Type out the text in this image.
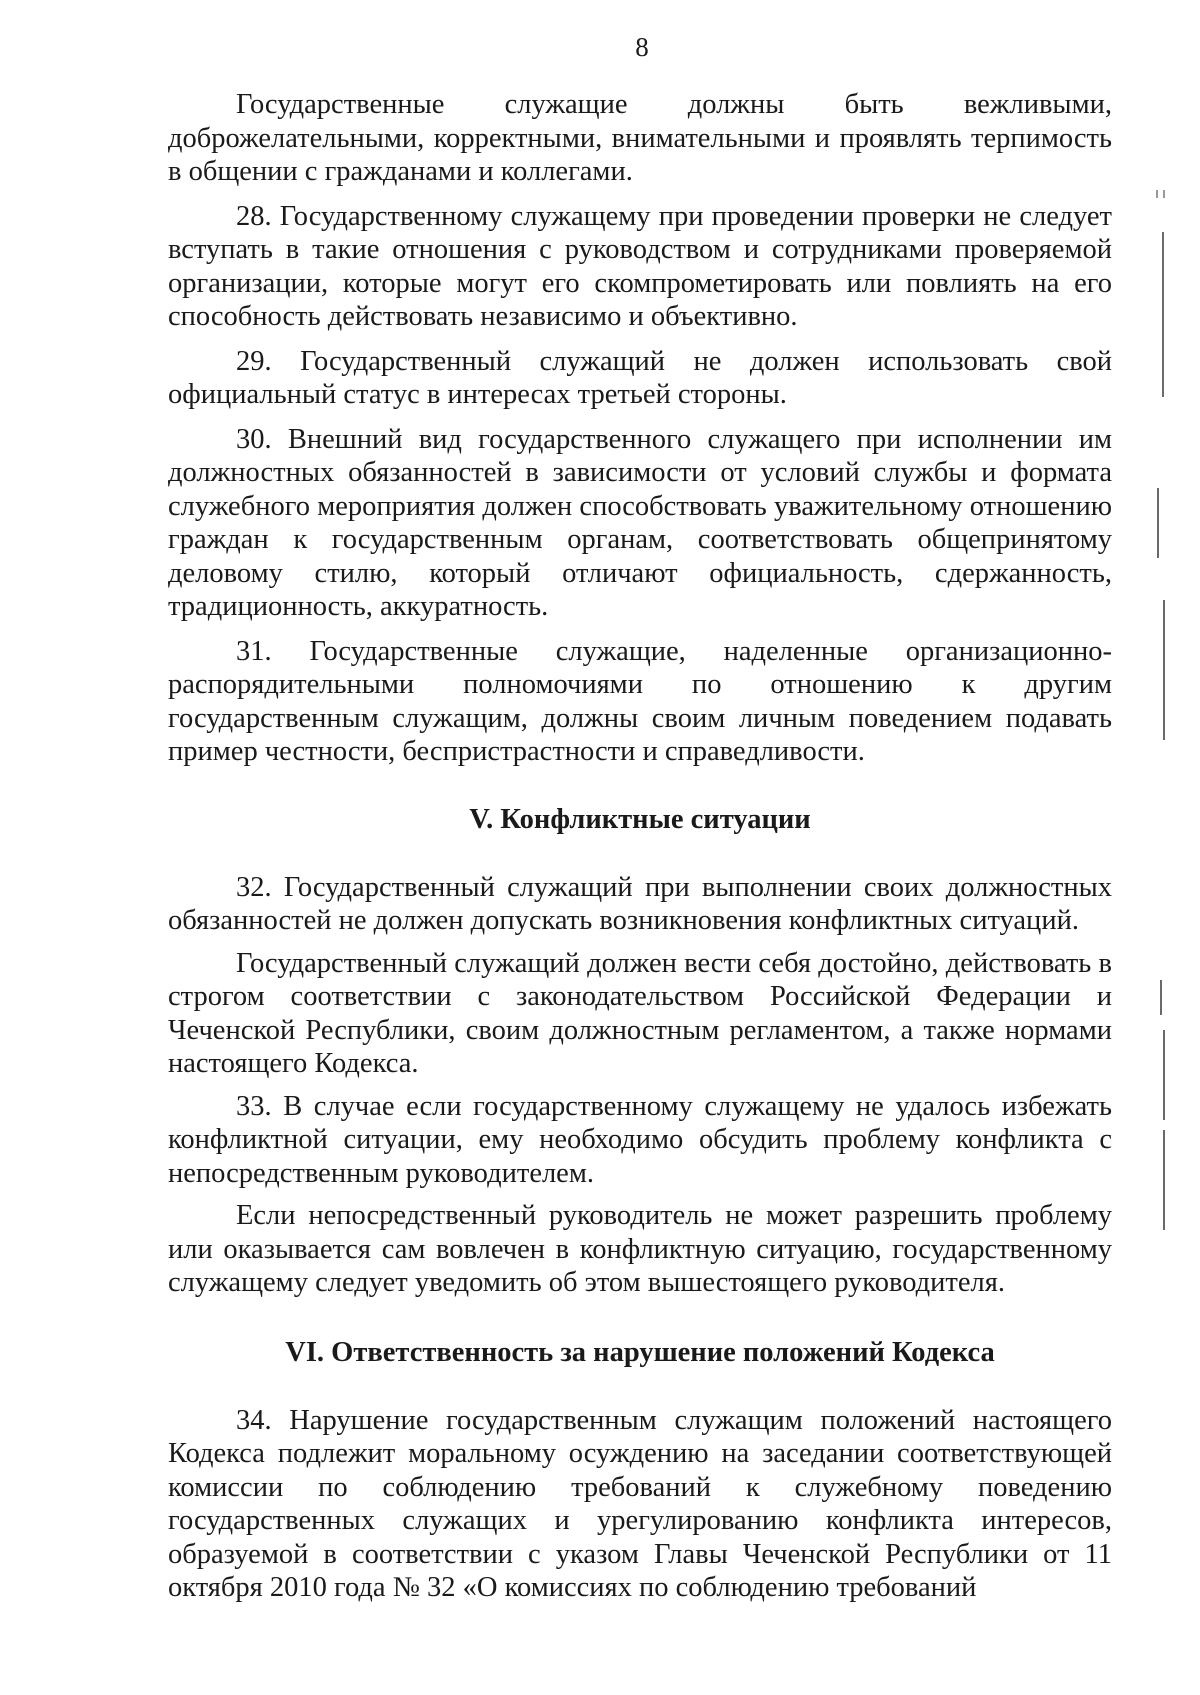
8

Государственные служащие должны быть вежливыми, доброжелательными, корректными, внимательными и проявлять терпимость в общении с гражданами и коллегами.

28. Государственному служащему при проведении проверки не следует вступать в такие отношения с руководством и сотрудниками проверяемой организации, которые могут его скомпрометировать или повлиять на его способность действовать независимо и объективно.

29. Государственный служащий не должен использовать свой официальный статус в интересах третьей стороны.

30. Внешний вид государственного служащего при исполнении им должностных обязанностей в зависимости от условий службы и формата служебного мероприятия должен способствовать уважительному отношению граждан к государственным органам, соответствовать общепринятому деловому стилю, который отличают официальность, сдержанность, традиционность, аккуратность.

31. Государственные служащие, наделенные организационно-распорядительными полномочиями по отношению к другим государственным служащим, должны своим личным поведением подавать пример честности, беспристрастности и справедливости.

V. Конфликтные ситуации

32. Государственный служащий при выполнении своих должностных обязанностей не должен допускать возникновения конфликтных ситуаций.

Государственный служащий должен вести себя достойно, действовать в строгом соответствии с законодательством Российской Федерации и Чеченской Республики, своим должностным регламентом, а также нормами настоящего Кодекса.

33. В случае если государственному служащему не удалось избежать конфликтной ситуации, ему необходимо обсудить проблему конфликта с непосредственным руководителем.

Если непосредственный руководитель не может разрешить проблему или оказывается сам вовлечен в конфликтную ситуацию, государственному служащему следует уведомить об этом вышестоящего руководителя.

VI. Ответственность за нарушение положений Кодекса

34. Нарушение государственным служащим положений настоящего Кодекса подлежит моральному осуждению на заседании соответствующей комиссии по соблюдению требований к служебному поведению государственных служащих и урегулированию конфликта интересов, образуемой в соответствии с указом Главы Чеченской Республики от 11 октября 2010 года № 32 «О комиссиях по соблюдению требований
